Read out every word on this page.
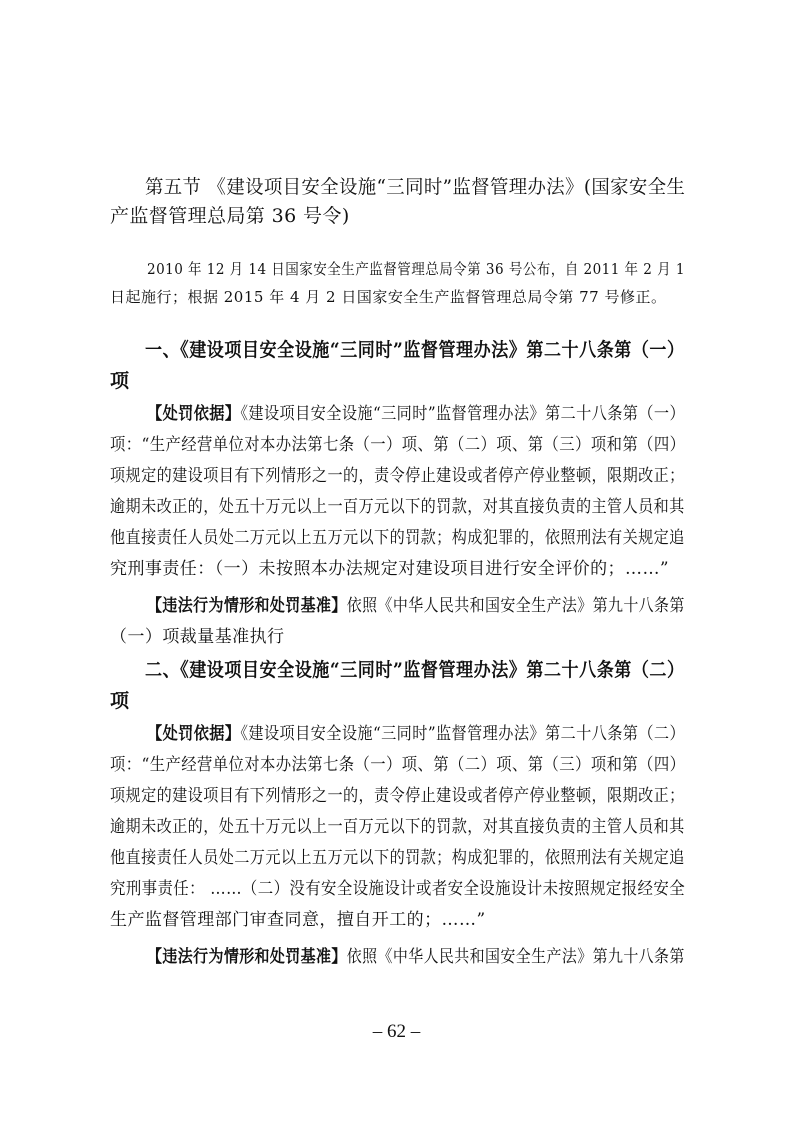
第五节 《建设项目安全设施“三同时”监督管理办法》(国家安全生
产监督管理总局第 36 号令)
2010 年 12 月 14 日国家安全生产监督管理总局令第 36 号公布，自 2011 年 2 月 1
日起施行；根据 2015 年 4 月 2 日国家安全生产监督管理总局令第 77 号修正。
一、《建设项目安全设施“三同时”监督管理办法》第二十八条第（一）
项
【处罚依据】《建设项目安全设施“三同时”监督管理办法》第二十八条第（一）
项：“生产经营单位对本办法第七条（一）项、第（二）项、第（三）项和第（四）
项规定的建设项目有下列情形之一的，责令停止建设或者停产停业整顿，限期改正；
逾期未改正的，处五十万元以上一百万元以下的罚款，对其直接负责的主管人员和其
他直接责任人员处二万元以上五万元以下的罚款；构成犯罪的，依照刑法有关规定追
究刑事责任：（一）未按照本办法规定对建设项目进行安全评价的；……”
【违法行为情形和处罚基准】依照《中华人民共和国安全生产法》第九十八条第
（一）项裁量基准执行
二、《建设项目安全设施“三同时”监督管理办法》第二十八条第（二）
项
【处罚依据】《建设项目安全设施“三同时”监督管理办法》第二十八条第（二）
项：“生产经营单位对本办法第七条（一）项、第（二）项、第（三）项和第（四）
项规定的建设项目有下列情形之一的，责令停止建设或者停产停业整顿，限期改正；
逾期未改正的，处五十万元以上一百万元以下的罚款，对其直接负责的主管人员和其
他直接责任人员处二万元以上五万元以下的罚款；构成犯罪的，依照刑法有关规定追
究刑事责任： ……（二）没有安全设施设计或者安全设施设计未按照规定报经安全
生产监督管理部门审查同意，擅自开工的；……”
【违法行为情形和处罚基准】依照《中华人民共和国安全生产法》第九十八条第
– 62 –
